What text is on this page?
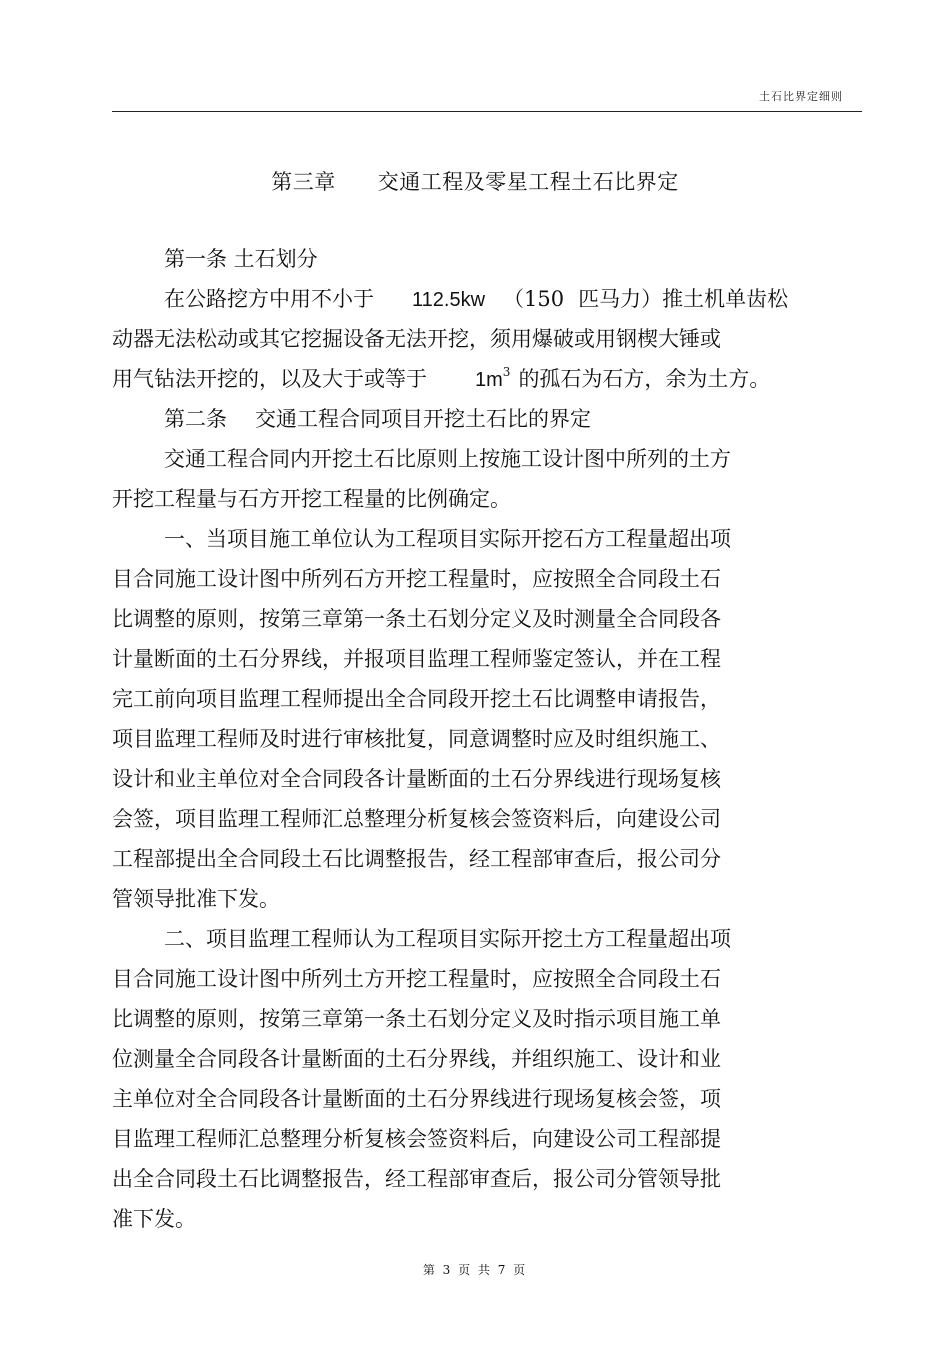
土石比界定细则
第三章 交通工程及零星工程土石比界定
第一条 土石划分
在公路挖方中用不小于 112.5kw （150 匹马力）推土机单齿松
动器无法松动或其它挖掘设备无法开挖，须用爆破或用钢楔大锤或
用气钻法开挖的，以及大于或等于 $1m^3$ 的孤石为石方，余为土方。
第二条 交通工程合同项目开挖土石比的界定
交通工程合同内开挖土石比原则上按施工设计图中所列的土方
开挖工程量与石方开挖工程量的比例确定。
一、当项目施工单位认为工程项目实际开挖石方工程量超出项
目合同施工设计图中所列石方开挖工程量时，应按照全合同段土石
比调整的原则，按第三章第一条土石划分定义及时测量全合同段各
计量断面的土石分界线，并报项目监理工程师鉴定签认，并在工程
完工前向项目监理工程师提出全合同段开挖土石比调整申请报告，
项目监理工程师及时进行审核批复，同意调整时应及时组织施工、
设计和业主单位对全合同段各计量断面的土石分界线进行现场复核
会签，项目监理工程师汇总整理分析复核会签资料后，向建设公司
工程部提出全合同段土石比调整报告，经工程部审查后，报公司分
管领导批准下发。
二、项目监理工程师认为工程项目实际开挖土方工程量超出项
目合同施工设计图中所列土方开挖工程量时，应按照全合同段土石
比调整的原则，按第三章第一条土石划分定义及时指示项目施工单
位测量全合同段各计量断面的土石分界线，并组织施工、设计和业
主单位对全合同段各计量断面的土石分界线进行现场复核会签，项
目监理工程师汇总整理分析复核会签资料后，向建设公司工程部提
出全合同段土石比调整报告，经工程部审查后，报公司分管领导批
准下发。
第 3 页 共 7 页
